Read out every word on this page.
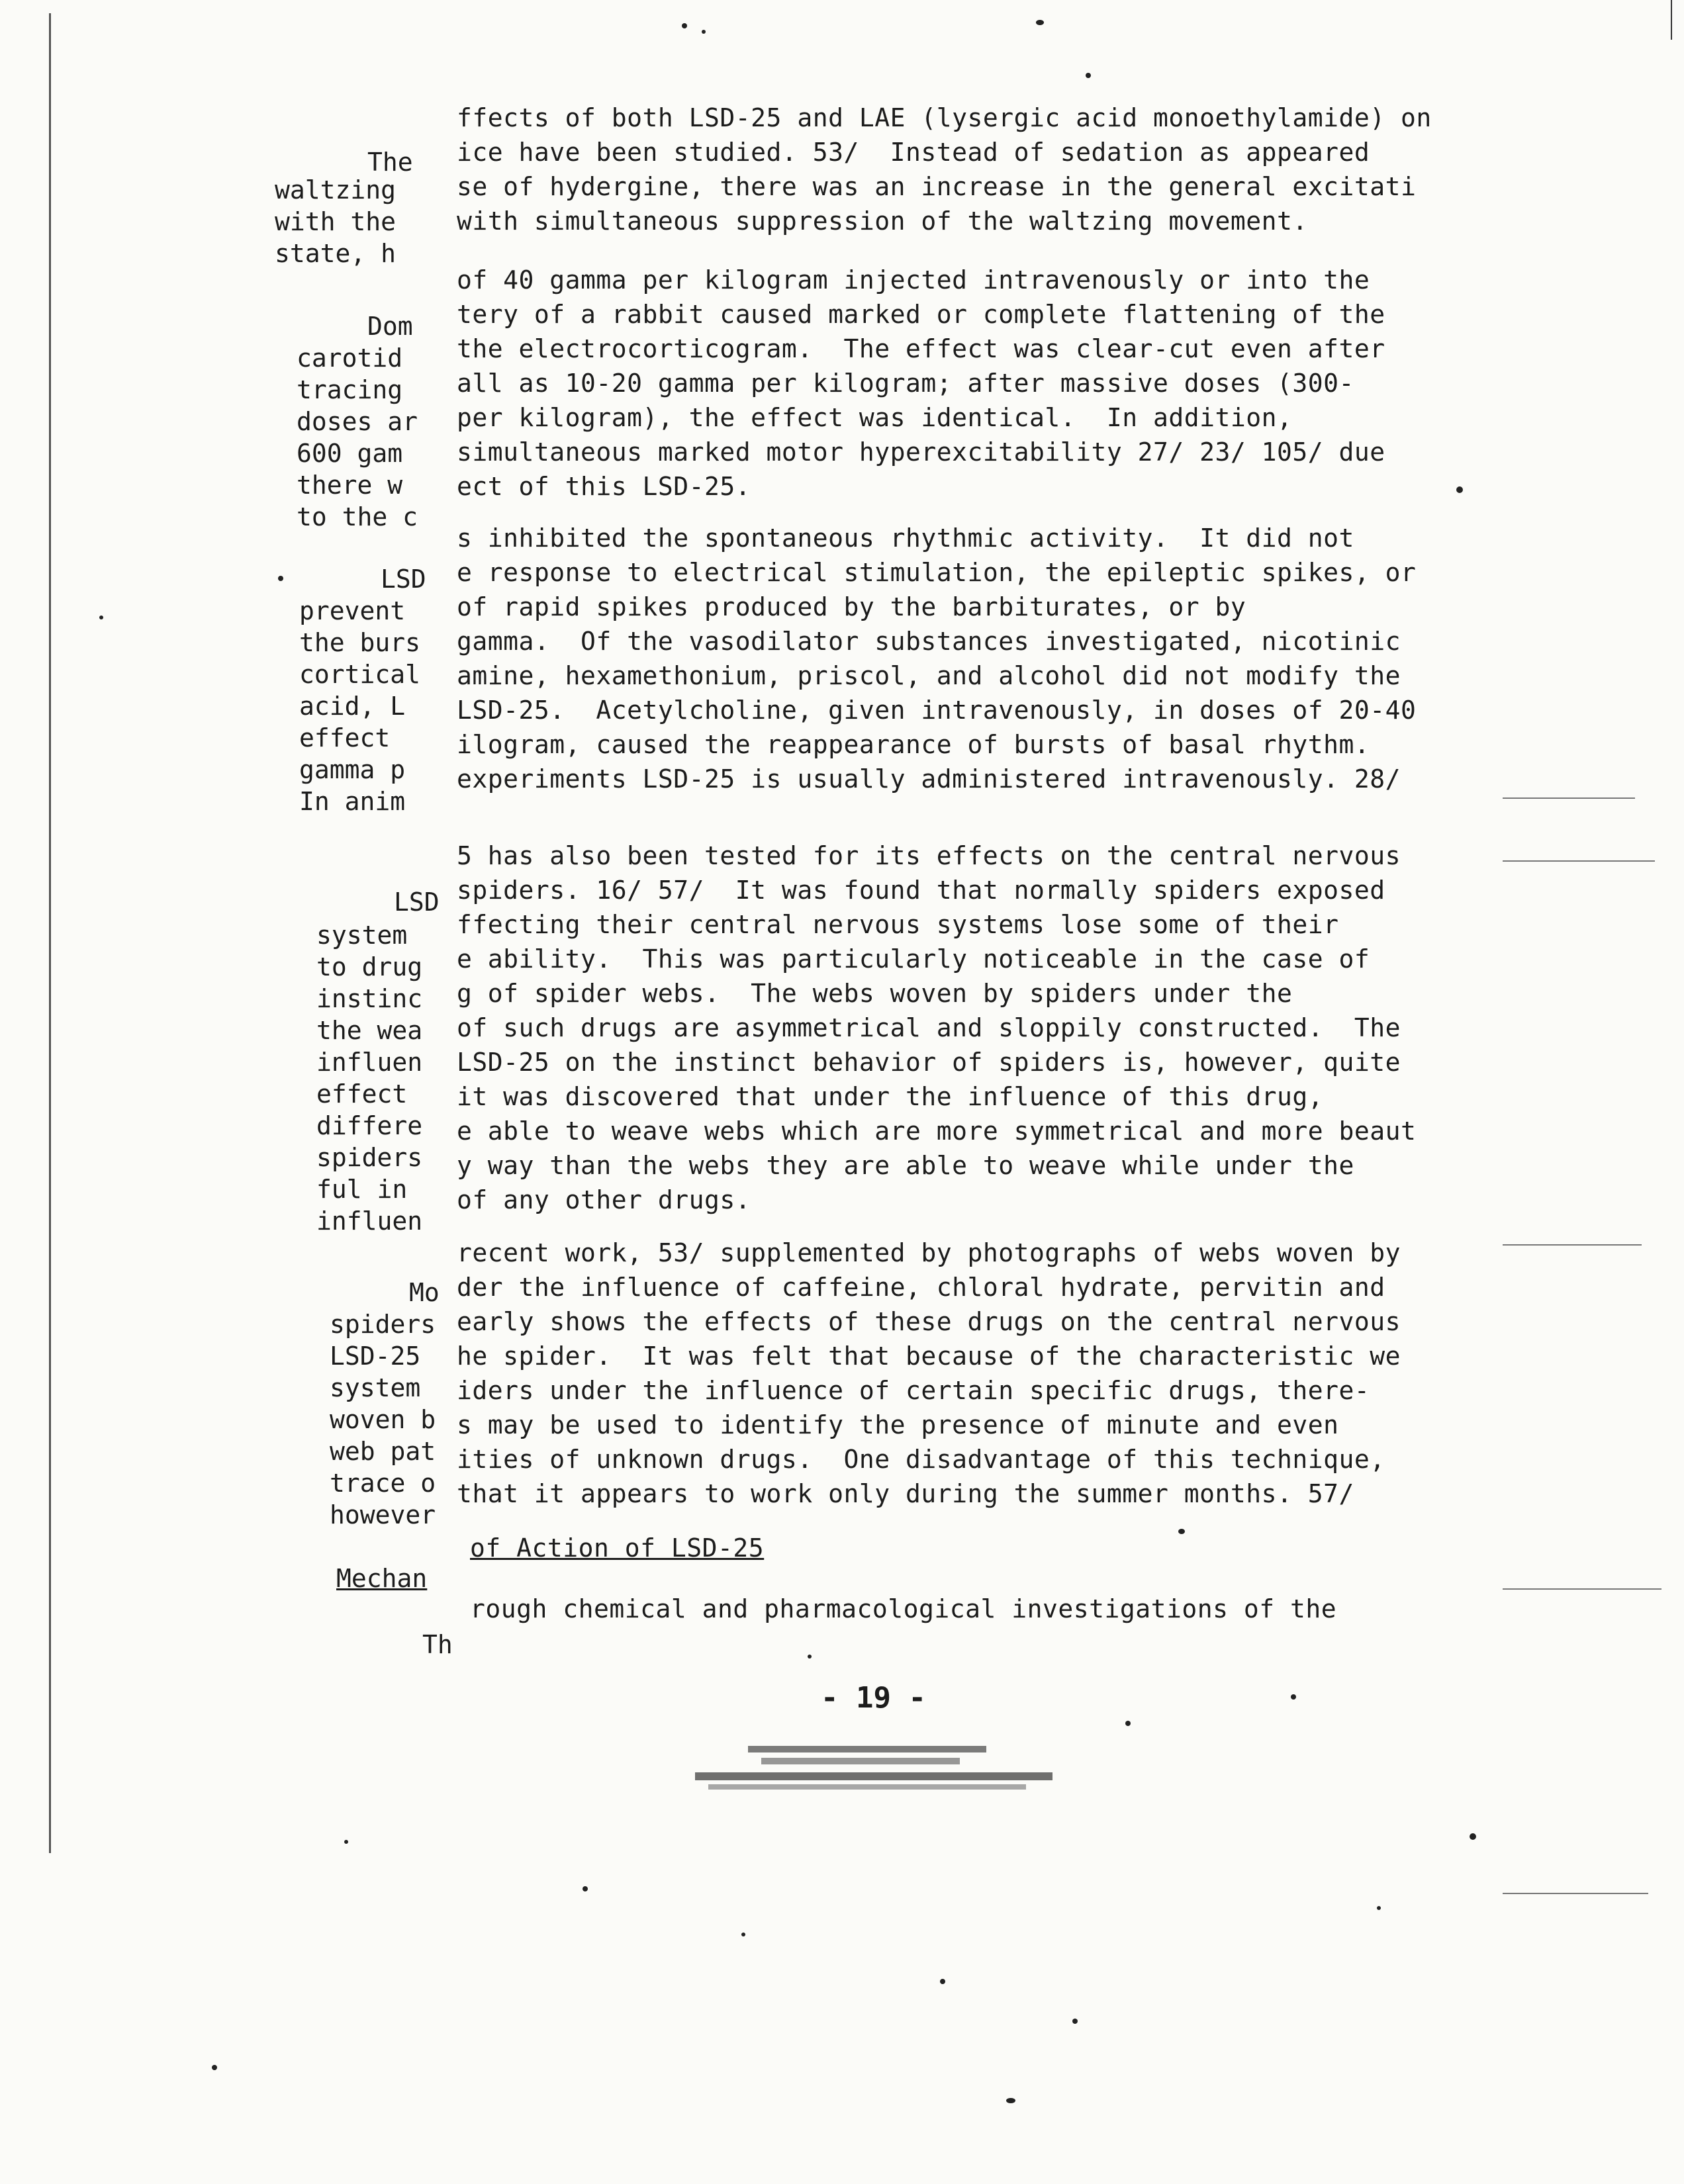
ffects of both LSD-25 and LAE (lysergic acid monoethylamide) on
ice have been studied. 53/  Instead of sedation as appeared
se of hydergine, there was an increase in the general excitati
with simultaneous suppression of the waltzing movement.
of 40 gamma per kilogram injected intravenously or into the
tery of a rabbit caused marked or complete flattening of the
the electrocorticogram.  The effect was clear-cut even after
all as 10-20 gamma per kilogram; after massive doses (300-
per kilogram), the effect was identical.  In addition,
simultaneous marked motor hyperexcitability 27/ 23/ 105/ due
ect of this LSD-25.
s inhibited the spontaneous rhythmic activity.  It did not
e response to electrical stimulation, the epileptic spikes, or
of rapid spikes produced by the barbiturates, or by
gamma.  Of the vasodilator substances investigated, nicotinic
amine, hexamethonium, priscol, and alcohol did not modify the
LSD-25.  Acetylcholine, given intravenously, in doses of 20-40
ilogram, caused the reappearance of bursts of basal rhythm.
experiments LSD-25 is usually administered intravenously. 28/
5 has also been tested for its effects on the central nervous
spiders. 16/ 57/  It was found that normally spiders exposed
ffecting their central nervous systems lose some of their
e ability.  This was particularly noticeable in the case of
g of spider webs.  The webs woven by spiders under the
of such drugs are asymmetrical and sloppily constructed.  The
LSD-25 on the instinct behavior of spiders is, however, quite
it was discovered that under the influence of this drug,
e able to weave webs which are more symmetrical and more beaut
y way than the webs they are able to weave while under the
of any other drugs.
recent work, 53/ supplemented by photographs of webs woven by
der the influence of caffeine, chloral hydrate, pervitin and
early shows the effects of these drugs on the central nervous
he spider.  It was felt that because of the characteristic we
iders under the influence of certain specific drugs, there-
s may be used to identify the presence of minute and even
ities of unknown drugs.  One disadvantage of this technique,
that it appears to work only during the summer months. 57/
of Action of LSD-25
rough chemical and pharmacological investigations of the
The
waltzing
with the
state, h
Dom
carotid
tracing
doses ar
600 gam
there w
to the c
LSD
prevent
the burs
cortical
acid, L
effect
gamma p
In anim
LSD
system
to drug
instinc
the wea
influen
effect
differe
spiders
ful in
influen
Mo
spiders
LSD-25
system
woven b
web pat
trace o
however
Mechan
Th
- 19 -
